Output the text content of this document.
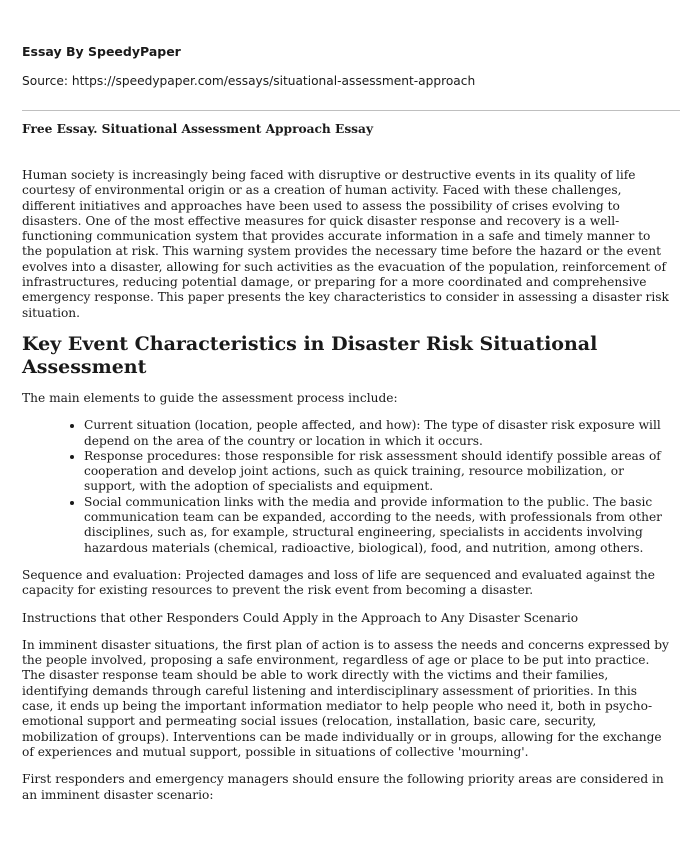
Essay By SpeedyPaper
Source: https://speedypaper.com/essays/situational-assessment-approach
Free Essay. Situational Assessment Approach Essay

Human society is increasingly being faced with disruptive or destructive events in its quality of life courtesy of environmental origin or as a creation of human activity. Faced with these challenges, different initiatives and approaches have been used to assess the possibility of crises evolving to disasters. One of the most effective measures for quick disaster response and recovery is a well-functioning communication system that provides accurate information in a safe and timely manner to the population at risk. This warning system provides the necessary time before the hazard or the event evolves into a disaster, allowing for such activities as the evacuation of the population, reinforcement of infrastructures, reducing potential damage, or preparing for a more coordinated and comprehensive emergency response. This paper presents the key characteristics to consider in assessing a disaster risk situation.

Key Event Characteristics in Disaster Risk Situational Assessment

The main elements to guide the assessment process include:

• Current situation (location, people affected, and how): The type of disaster risk exposure will depend on the area of the country or location in which it occurs.
• Response procedures: those responsible for risk assessment should identify possible areas of cooperation and develop joint actions, such as quick training, resource mobilization, or support, with the adoption of specialists and equipment.
• Social communication links with the media and provide information to the public. The basic communication team can be expanded, according to the needs, with professionals from other disciplines, such as, for example, structural engineering, specialists in accidents involving hazardous materials (chemical, radioactive, biological), food, and nutrition, among others.

Sequence and evaluation: Projected damages and loss of life are sequenced and evaluated against the capacity for existing resources to prevent the risk event from becoming a disaster.

Instructions that other Responders Could Apply in the Approach to Any Disaster Scenario

In imminent disaster situations, the first plan of action is to assess the needs and concerns expressed by the people involved, proposing a safe environment, regardless of age or place to be put into practice. The disaster response team should be able to work directly with the victims and their families, identifying demands through careful listening and interdisciplinary assessment of priorities. In this case, it ends up being the important information mediator to help people who need it, both in psycho-emotional support and permeating social issues (relocation, installation, basic care, security, mobilization of groups). Interventions can be made individually or in groups, allowing for the exchange of experiences and mutual support, possible in situations of collective 'mourning'.

First responders and emergency managers should ensure the following priority areas are considered in an imminent disaster scenario:
